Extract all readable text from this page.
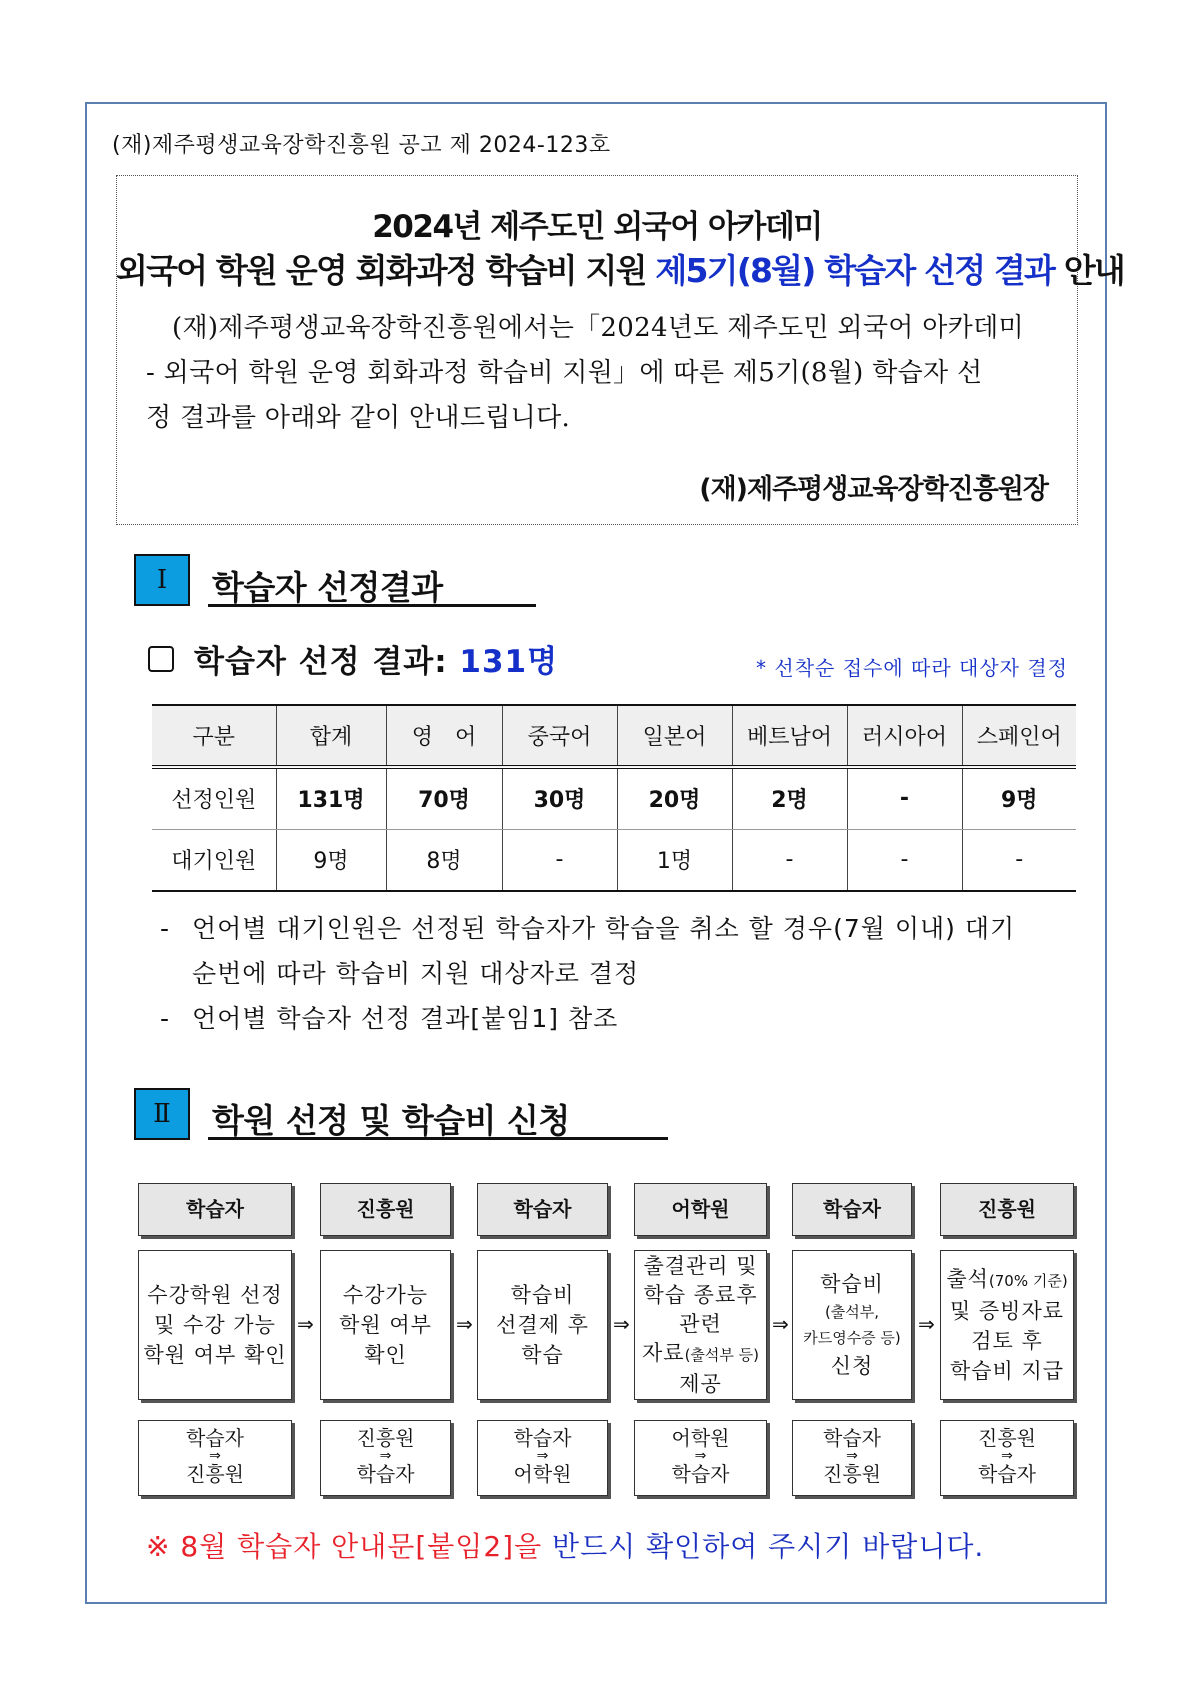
(재)제주평생교육장학진흥원 공고 제 2024-123호
2024년 제주도민 외국어 아카데미
외국어 학원 운영 회화과정 학습비 지원 제5기(8월) 학습자 선정 결과 안내

(재)제주평생교육장학진흥원에서는「2024년도 제주도민 외국어 아카데미

- 외국어 학원 운영 회화과정 학습비 지원」에 따른 제5기(8월) 학습자 선

정 결과를 아래와 같이 안내드립니다.

(재)제주평생교육장학진흥원장
Ⅰ	학습자 선정결과
학습자 선정 결과: 131명	* 선착순 접수에 따라 대상자 결정
구분	합계	영　어	중국어	일본어	베트남어	러시아어	스페인어
선정인원	131명	70명	30명	20명	2명	-	9명
대기인원	9명	8명	-	1명	-	-	-
- 언어별 대기인원은 선정된 학습자가 학습을 취소 할 경우(7월 이내) 대기
순번에 따라 학습비 지원 대상자로 결정
- 언어별 학습자 선정 결과[붙임1] 참조
Ⅱ	학원 선정 및 학습비 신청
학습자
수강학원 선정
및 수강 가능
학원 여부 확인
학습자
⇒
진흥원
⇒
진흥원
수강가능
학원 여부
확인
진흥원
⇒
학습자
⇒
학습자
학습비
선결제 후
학습
학습자
⇒
어학원
⇒
어학원
출결관리 및
학습 종료후
관련
자료(출석부 등)
제공
어학원
⇒
학습자
⇒
학습자
학습비
(출석부,
카드영수증 등)
신청
학습자
⇒
진흥원
⇒
진흥원
출석(70% 기준)
및 증빙자료
검토 후
학습비 지급
진흥원
⇒
학습자
※ 8월 학습자 안내문[붙임2]을 반드시 확인하여 주시기 바랍니다.
